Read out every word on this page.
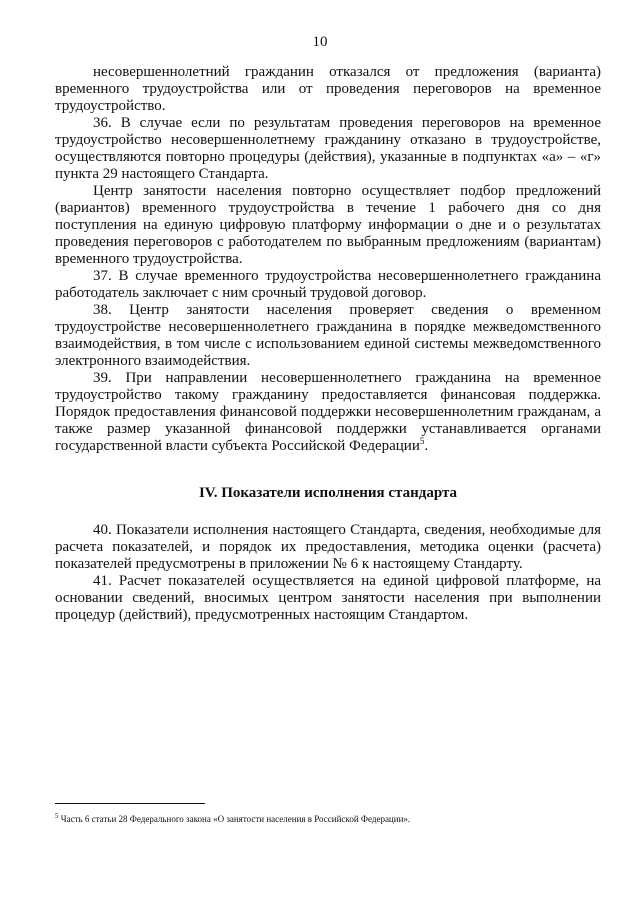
10

несовершеннолетний гражданин отказался от предложения (варианта) временного трудоустройства или от проведения переговоров на временное трудоустройство.

36. В случае если по результатам проведения переговоров на временное трудоустройство несовершеннолетнему гражданину отказано в трудоустройстве, осуществляются повторно процедуры (действия), указанные в подпунктах «а» – «г» пункта 29 настоящего Стандарта.

Центр занятости населения повторно осуществляет подбор предложений (вариантов) временного трудоустройства в течение 1 рабочего дня со дня поступления на единую цифровую платформу информации о дне и о результатах проведения переговоров с работодателем по выбранным предложениям (вариантам) временного трудоустройства.

37. В случае временного трудоустройства несовершеннолетнего гражданина работодатель заключает с ним срочный трудовой договор.

38. Центр занятости населения проверяет сведения о временном трудоустройстве несовершеннолетнего гражданина в порядке межведомственного взаимодействия, в том числе с использованием единой системы межведомственного электронного взаимодействия.

39. При направлении несовершеннолетнего гражданина на временное трудоустройство такому гражданину предоставляется финансовая поддержка. Порядок предоставления финансовой поддержки несовершеннолетним гражданам, а также размер указанной финансовой поддержки устанавливается органами государственной власти субъекта Российской Федерации$^5$.

IV. Показатели исполнения стандарта

40. Показатели исполнения настоящего Стандарта, сведения, необходимые для расчета показателей, и порядок их предоставления, методика оценки (расчета) показателей предусмотрены в приложении № 6 к настоящему Стандарту.

41. Расчет показателей осуществляется на единой цифровой платформе, на основании сведений, вносимых центром занятости населения при выполнении процедур (действий), предусмотренных настоящим Стандартом.

$^5$ Часть 6 статьи 28 Федерального закона «О занятости населения в Российской Федерации».
